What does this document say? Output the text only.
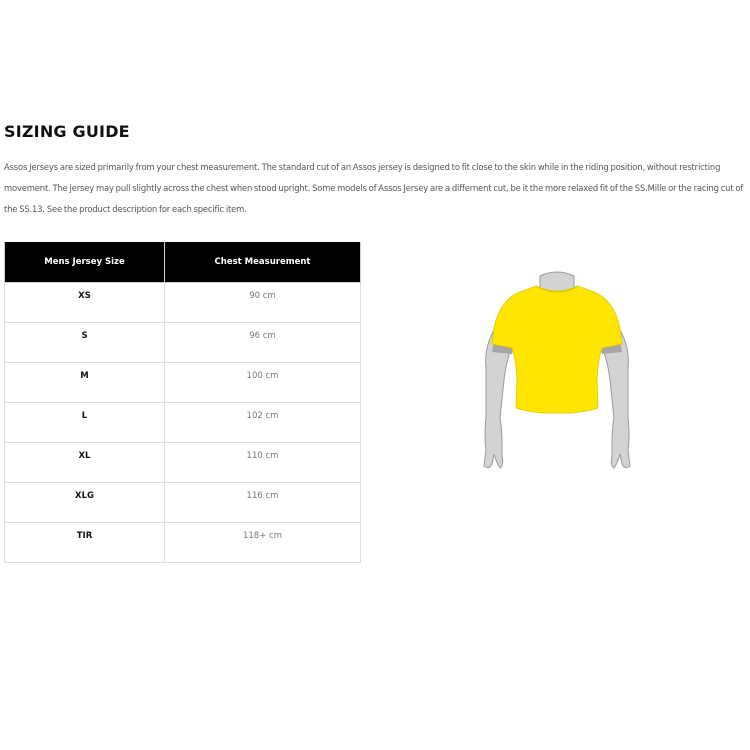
SIZING GUIDE

Assos Jerseys are sized primarily from your chest measurement. The standard cut of an Assos jersey is designed to fit close to the skin while in the riding position, without restricting movement. The jersey may pull slightly across the chest when stood upright. Some models of Assos Jersey are a differnent cut, be it the more relaxed fit of the SS.Mille or the racing cut of the SS.13. See the product description for each specific item.

Mens Jersey Size	Chest Measurement

XS	90 cm

S	96 cm

M	100 cm

L	102 cm

XL	110 cm

XLG	116 cm

TIR	118+ cm
